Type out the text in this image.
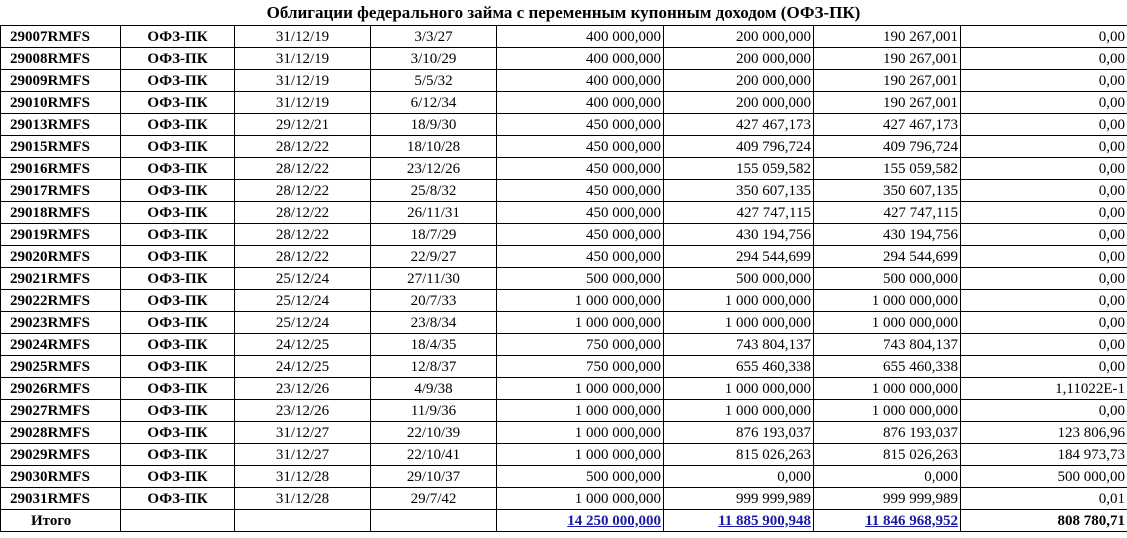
Облигации федерального займа с переменным купонным доходом (ОФЗ-ПК)
29007RMFS	ОФЗ-ПК	31/12/19	3/3/27	400 000,000	200 000,000	190 267,001	0,00
29008RMFS	ОФЗ-ПК	31/12/19	3/10/29	400 000,000	200 000,000	190 267,001	0,00
29009RMFS	ОФЗ-ПК	31/12/19	5/5/32	400 000,000	200 000,000	190 267,001	0,00
29010RMFS	ОФЗ-ПК	31/12/19	6/12/34	400 000,000	200 000,000	190 267,001	0,00
29013RMFS	ОФЗ-ПК	29/12/21	18/9/30	450 000,000	427 467,173	427 467,173	0,00
29015RMFS	ОФЗ-ПК	28/12/22	18/10/28	450 000,000	409 796,724	409 796,724	0,00
29016RMFS	ОФЗ-ПК	28/12/22	23/12/26	450 000,000	155 059,582	155 059,582	0,00
29017RMFS	ОФЗ-ПК	28/12/22	25/8/32	450 000,000	350 607,135	350 607,135	0,00
29018RMFS	ОФЗ-ПК	28/12/22	26/11/31	450 000,000	427 747,115	427 747,115	0,00
29019RMFS	ОФЗ-ПК	28/12/22	18/7/29	450 000,000	430 194,756	430 194,756	0,00
29020RMFS	ОФЗ-ПК	28/12/22	22/9/27	450 000,000	294 544,699	294 544,699	0,00
29021RMFS	ОФЗ-ПК	25/12/24	27/11/30	500 000,000	500 000,000	500 000,000	0,00
29022RMFS	ОФЗ-ПК	25/12/24	20/7/33	1 000 000,000	1 000 000,000	1 000 000,000	0,00
29023RMFS	ОФЗ-ПК	25/12/24	23/8/34	1 000 000,000	1 000 000,000	1 000 000,000	0,00
29024RMFS	ОФЗ-ПК	24/12/25	18/4/35	750 000,000	743 804,137	743 804,137	0,00
29025RMFS	ОФЗ-ПК	24/12/25	12/8/37	750 000,000	655 460,338	655 460,338	0,00
29026RMFS	ОФЗ-ПК	23/12/26	4/9/38	1 000 000,000	1 000 000,000	1 000 000,000	1,11022E-1
29027RMFS	ОФЗ-ПК	23/12/26	11/9/36	1 000 000,000	1 000 000,000	1 000 000,000	0,00
29028RMFS	ОФЗ-ПК	31/12/27	22/10/39	1 000 000,000	876 193,037	876 193,037	123 806,96
29029RMFS	ОФЗ-ПК	31/12/27	22/10/41	1 000 000,000	815 026,263	815 026,263	184 973,73
29030RMFS	ОФЗ-ПК	31/12/28	29/10/37	500 000,000	0,000	0,000	500 000,00
29031RMFS	ОФЗ-ПК	31/12/28	29/7/42	1 000 000,000	999 999,989	999 999,989	0,01
Итого				14 250 000,000	11 885 900,948	11 846 968,952	808 780,71
